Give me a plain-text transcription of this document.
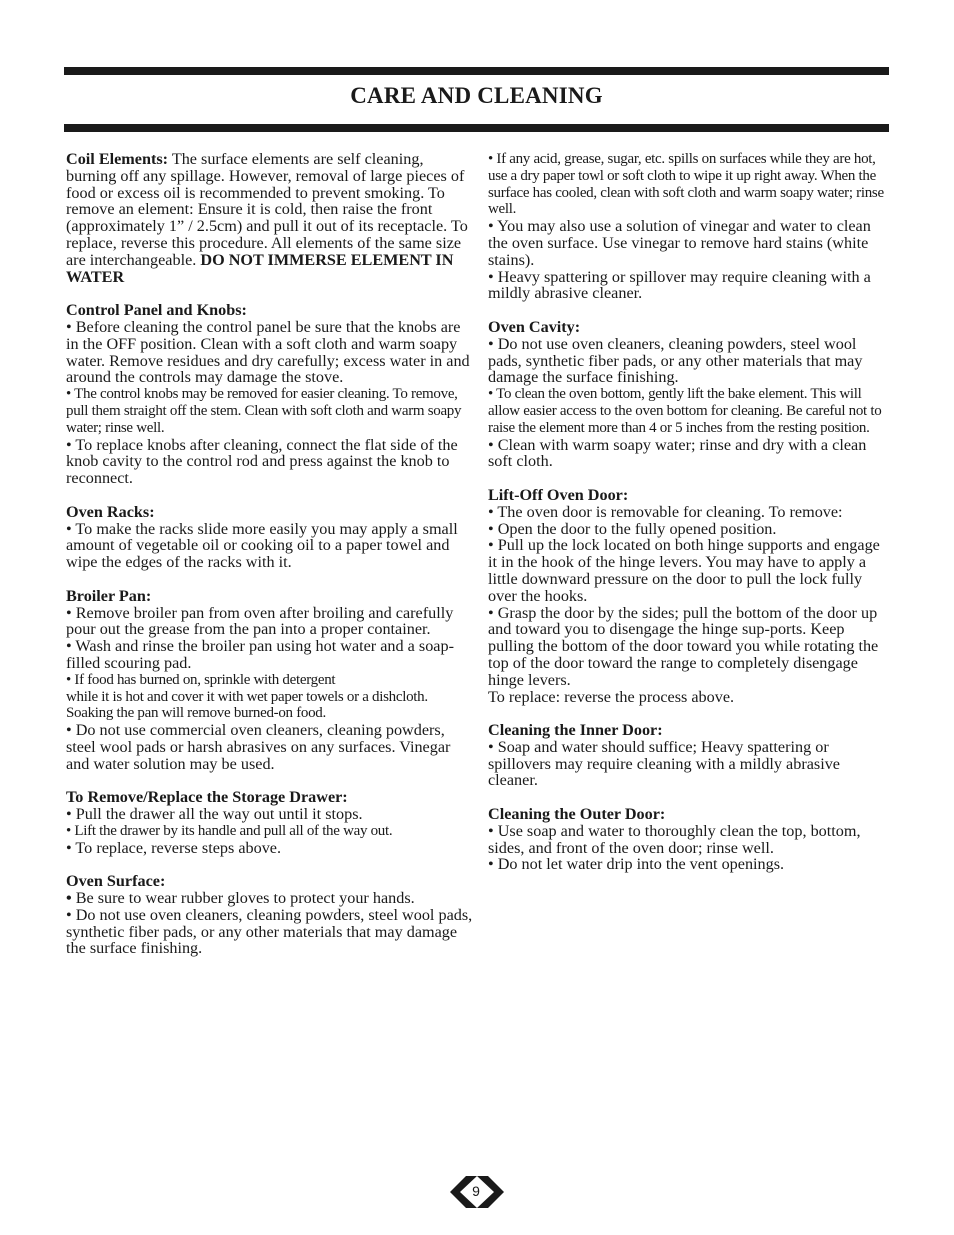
CARE AND CLEANING

Coil Elements: The surface elements are self cleaning, burning off any spillage. However, removal of large pieces of food or excess oil is recommended to prevent smoking. To remove an element: Ensure it is cold, then raise the front (approximately 1” / 2.5cm) and pull it out of its receptacle. To replace, reverse this procedure. All elements of the same size are interchangeable. DO NOT IMMERSE ELEMENT IN WATER

Control Panel and Knobs:

• Before cleaning the control panel be sure that the knobs are in the OFF position. Clean with a soft cloth and warm soapy water. Remove residues and dry carefully; excess water in and around the controls may damage the stove.

• The control knobs may be removed for easier cleaning. To remove, pull them straight off the stem. Clean with soft cloth and warm soapy water; rinse well.

• To replace knobs after cleaning, connect the flat side of the knob cavity to the control rod and press against the knob to reconnect.

Oven Racks:

• To make the racks slide more easily you may apply a small amount of vegetable oil or cooking oil to a paper towel and wipe the edges of the racks with it.

Broiler Pan:

• Remove broiler pan from oven after broiling and carefully pour out the grease from the pan into a proper container.

• Wash and rinse the broiler pan using hot water and a soap-filled scouring pad.

• If food has burned on, sprinkle with detergent

while it is hot and cover it with wet paper towels or a dishcloth. Soaking the pan will remove burned-on food.

• Do not use commercial oven cleaners, cleaning powders, steel wool pads or harsh abrasives on any surfaces. Vinegar and water solution may be used.

To Remove/Replace the Storage Drawer:

• Pull the drawer all the way out until it stops.

• Lift the drawer by its handle and pull all of the way out.

• To replace, reverse steps above.

Oven Surface:

• Be sure to wear rubber gloves to protect your hands.

• Do not use oven cleaners, cleaning powders, steel wool pads, synthetic fiber pads, or any other materials that may damage the surface finishing.

• If any acid, grease, sugar, etc. spills on surfaces while they are hot, use a dry paper towl or soft cloth to wipe it up right away. When the surface has cooled, clean with soft cloth and warm soapy water; rinse well.

• You may also use a solution of vinegar and water to clean the oven surface. Use vinegar to remove hard stains (white stains).

• Heavy spattering or spillover may require cleaning with a mildly abrasive cleaner.

Oven Cavity:

• Do not use oven cleaners, cleaning powders, steel wool pads, synthetic fiber pads, or any other materials that may damage the surface finishing.

• To clean the oven bottom, gently lift the bake element. This will allow easier access to the oven bottom for cleaning. Be careful not to raise the element more than 4 or 5 inches from the resting position.

• Clean with warm soapy water; rinse and dry with a clean soft cloth.

Lift-Off Oven Door:

• The oven door is removable for cleaning. To remove:

• Open the door to the fully opened position.

• Pull up the lock located on both hinge supports and engage it in the hook of the hinge levers. You may have to apply a little downward pressure on the door to pull the lock fully over the hooks.

• Grasp the door by the sides; pull the bottom of the door up and toward you to disengage the hinge sup-ports. Keep pulling the bottom of the door toward you while rotating the top of the door toward the range to completely disengage hinge levers.

To replace: reverse the process above.

Cleaning the Inner Door:

• Soap and water should suffice; Heavy spattering or spillovers may require cleaning with a mildly abrasive cleaner.

Cleaning the Outer Door:

• Use soap and water to thoroughly clean the top, bottom, sides, and front of the oven door; rinse well.

• Do not let water drip into the vent openings.

9
